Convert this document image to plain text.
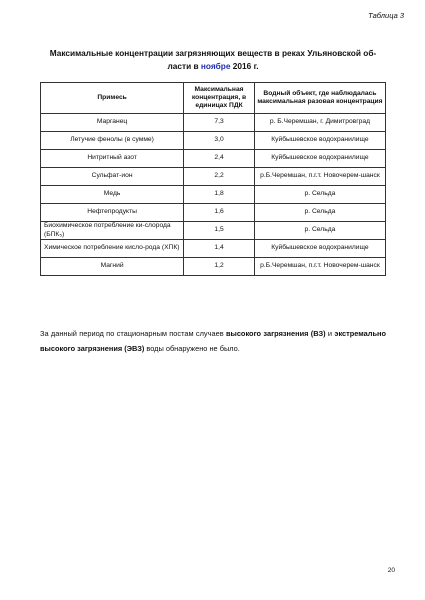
Таблица 3
Максимальные концентрации загрязняющих веществ в реках Ульяновской об-
ласти в ноябре 2016 г.
Примесь	Максимальная концентрация, в единицах ПДК	Водный объект, где наблюдалась максимальная разовая концентрация
Марганец	7,3	р. Б.Черемшан, г. Димитровград
Летучие фенолы (в сумме)	3,0	Куйбышевское водохранилище
Нитритный азот	2,4	Куйбышевское водохранилище
Сульфат-ион	2,2	р.Б.Черемшан, п.г.т. Новочерем-шанск
Медь	1,8	р. Сельда
Нефтепродукты	1,6	р. Сельда
Биохимическое потребление ки-слорода (БПК₅)	1,5	р. Сельда
Химическое потребление кисло-рода (ХПК)	1,4	Куйбышевское водохранилище
Магний	1,2	р.Б.Черемшан, п.г.т. Новочерем-шанск

За данный период по стационарным постам случаев высокого загрязнения (ВЗ) и экстремально высокого загрязнения (ЭВЗ) воды обнаружено не было.

20
